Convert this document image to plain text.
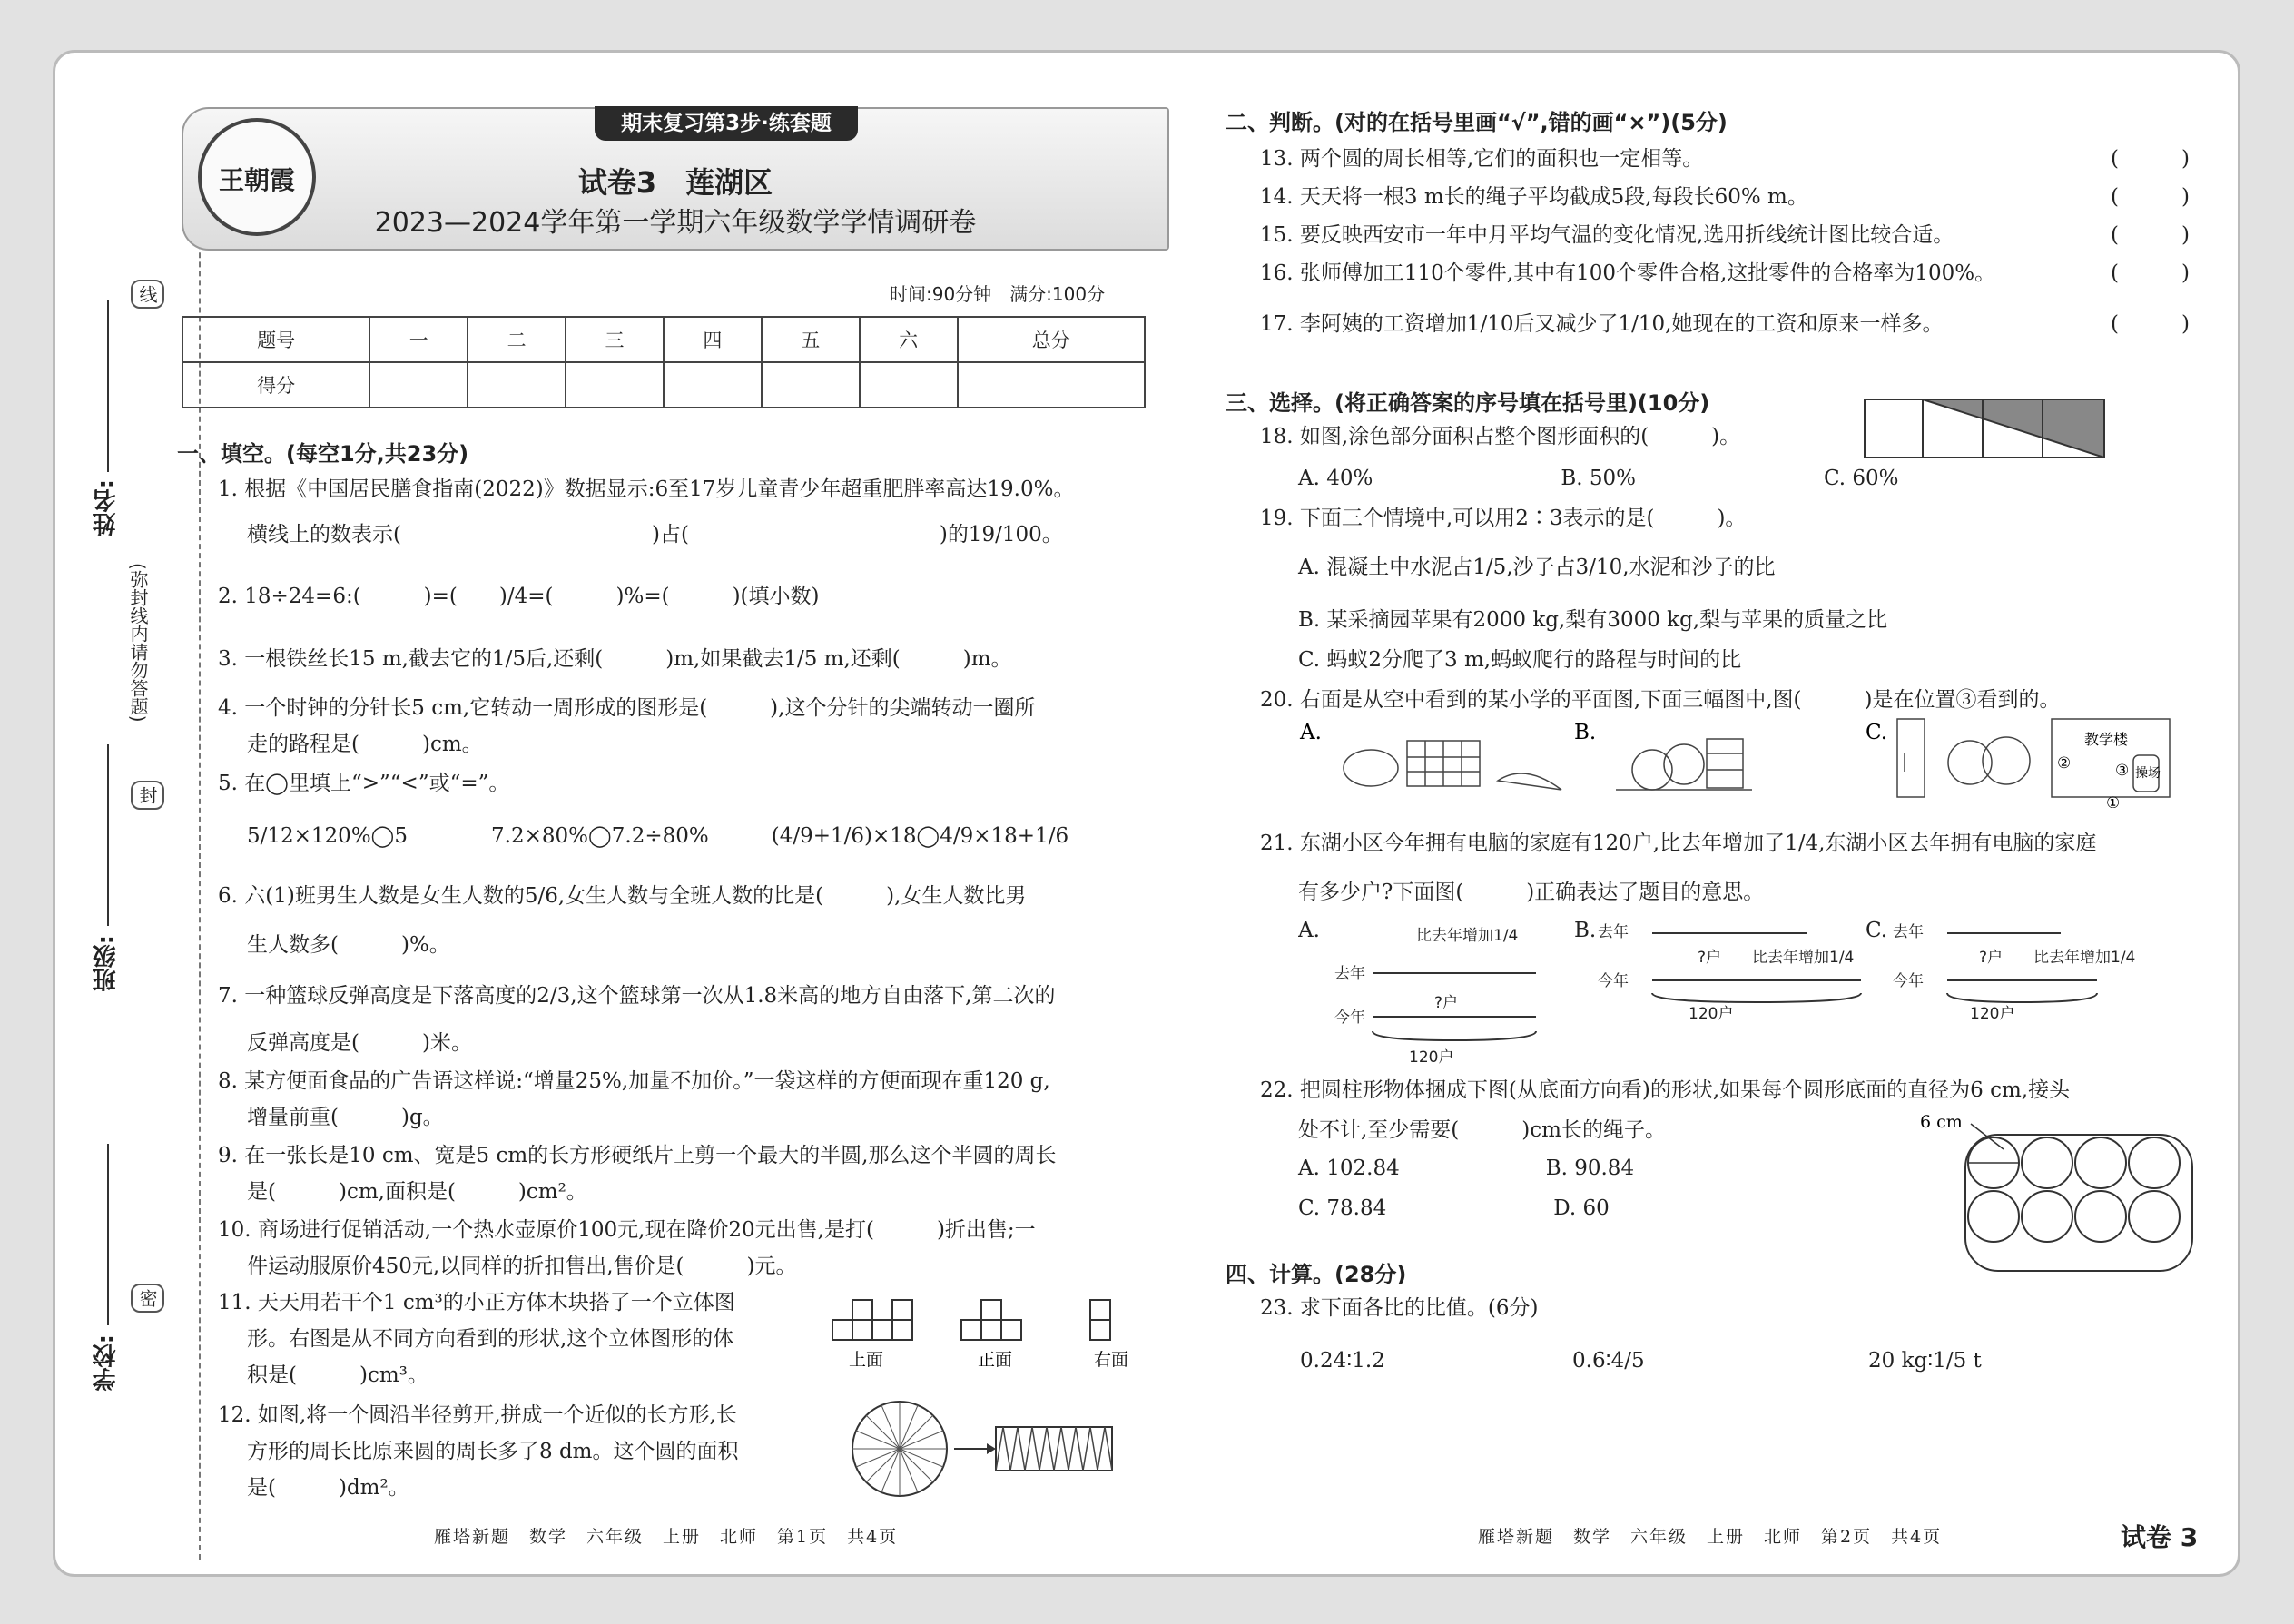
姓名:
班级:
学校:
(弥封线内请勿答题)
线
封
密
王朝霞
期末复习第3步·练套题
试卷3　莲湖区
2023—2024学年第一学期六年级数学学情调研卷
时间:90分钟　满分:100分
题号	一	二	三	四	五	六	总分
得分							
一、填空。(每空1分,共23分)
1. 根据《中国居民膳食指南(2022)》数据显示:6至17岁儿童青少年超重肥胖率高达19.0%。
横线上的数表示(　　　　　　　　　　　　)占(　　　　　　　　　　　　)的19/100。
2. 18÷24=6:(　　　)=(　　)/4=(　　　)%=(　　　)(填小数)
3. 一根铁丝长15 m,截去它的1/5后,还剩(　　　)m,如果截去1/5 m,还剩(　　　)m。
4. 一个时钟的分针长5 cm,它转动一周形成的图形是(　　　),这个分针的尖端转动一圈所
走的路程是(　　　)cm。
5. 在◯里填上“>”“<”或“=”。
5/12×120%◯5　　　　7.2×80%◯7.2÷80%　　　(4/9+1/6)×18◯4/9×18+1/6
6. 六(1)班男生人数是女生人数的5/6,女生人数与全班人数的比是(　　　),女生人数比男
生人数多(　　　)%。
7. 一种篮球反弹高度是下落高度的2/3,这个篮球第一次从1.8米高的地方自由落下,第二次的
反弹高度是(　　　)米。
8. 某方便面食品的广告语这样说:“增量25%,加量不加价。”一袋这样的方便面现在重120 g,
增量前重(　　　)g。
9. 在一张长是10 cm、宽是5 cm的长方形硬纸片上剪一个最大的半圆,那么这个半圆的周长
是(　　　)cm,面积是(　　　)cm²。
10. 商场进行促销活动,一个热水壶原价100元,现在降价20元出售,是打(　　　)折出售;一
件运动服原价450元,以同样的折扣售出,售价是(　　　)元。
11. 天天用若干个1 cm³的小正方体木块搭了一个立体图
形。右图是从不同方向看到的形状,这个立体图形的体
积是(　　　)cm³。
12. 如图,将一个圆沿半径剪开,拼成一个近似的长方形,长
方形的周长比原来圆的周长多了8 dm。这个圆的面积
是(　　　)dm²。
上面	正面	右面
二、判断。(对的在括号里画“√”,错的画“×”)(5分)
13. 两个圆的周长相等,它们的面积也一定相等。
14. 天天将一根3 m长的绳子平均截成5段,每段长60% m。
15. 要反映西安市一年中月平均气温的变化情况,选用折线统计图比较合适。
16. 张师傅加工110个零件,其中有100个零件合格,这批零件的合格率为100%。
17. 李阿姨的工资增加1/10后又减少了1/10,她现在的工资和原来一样多。
(　　　)
(　　　)
(　　　)
(　　　)
(　　　)
三、选择。(将正确答案的序号填在括号里)(10分)
18. 如图,涂色部分面积占整个图形面积的(　　　)。
A. 40%　　　　　　　　　B. 50%　　　　　　　　　C. 60%
19. 下面三个情境中,可以用2∶3表示的是(　　　)。
A. 混凝土中水泥占1/5,沙子占3/10,水泥和沙子的比
B. 某采摘园苹果有2000 kg,梨有3000 kg,梨与苹果的质量之比
C. 蚂蚁2分爬了3 m,蚂蚁爬行的路程与时间的比
20. 右面是从空中看到的某小学的平面图,下面三幅图中,图(　　　)是在位置③看到的。
A.	B.	C.	教学楼
操场
②	③
①
21. 东湖小区今年拥有电脑的家庭有120户,比去年增加了1/4,东湖小区去年拥有电脑的家庭
有多少户?下面图(　　　)正确表达了题目的意思。
A.	比去年增加1/4
去年
今年
?户
120户
B. 去年
?户 比去年增加1/4
今年
120户
C. 去年
?户 比去年增加1/4
今年
120户
22. 把圆柱形物体捆成下图(从底面方向看)的形状,如果每个圆形底面的直径为6 cm,接头
处不计,至少需要(　　　)cm长的绳子。
A. 102.84　　　　　　　B. 90.84
C. 78.84　　　　　　　　D. 60
6 cm
四、计算。(28分)
23. 求下面各比的比值。(6分)
0.24∶1.2	0.6∶4/5	20 kg∶1/5 t
雁塔新题　数学　六年级　上册　北师　第1页　共4页	雁塔新题　数学　六年级　上册　北师　第2页　共4页	试卷 3
